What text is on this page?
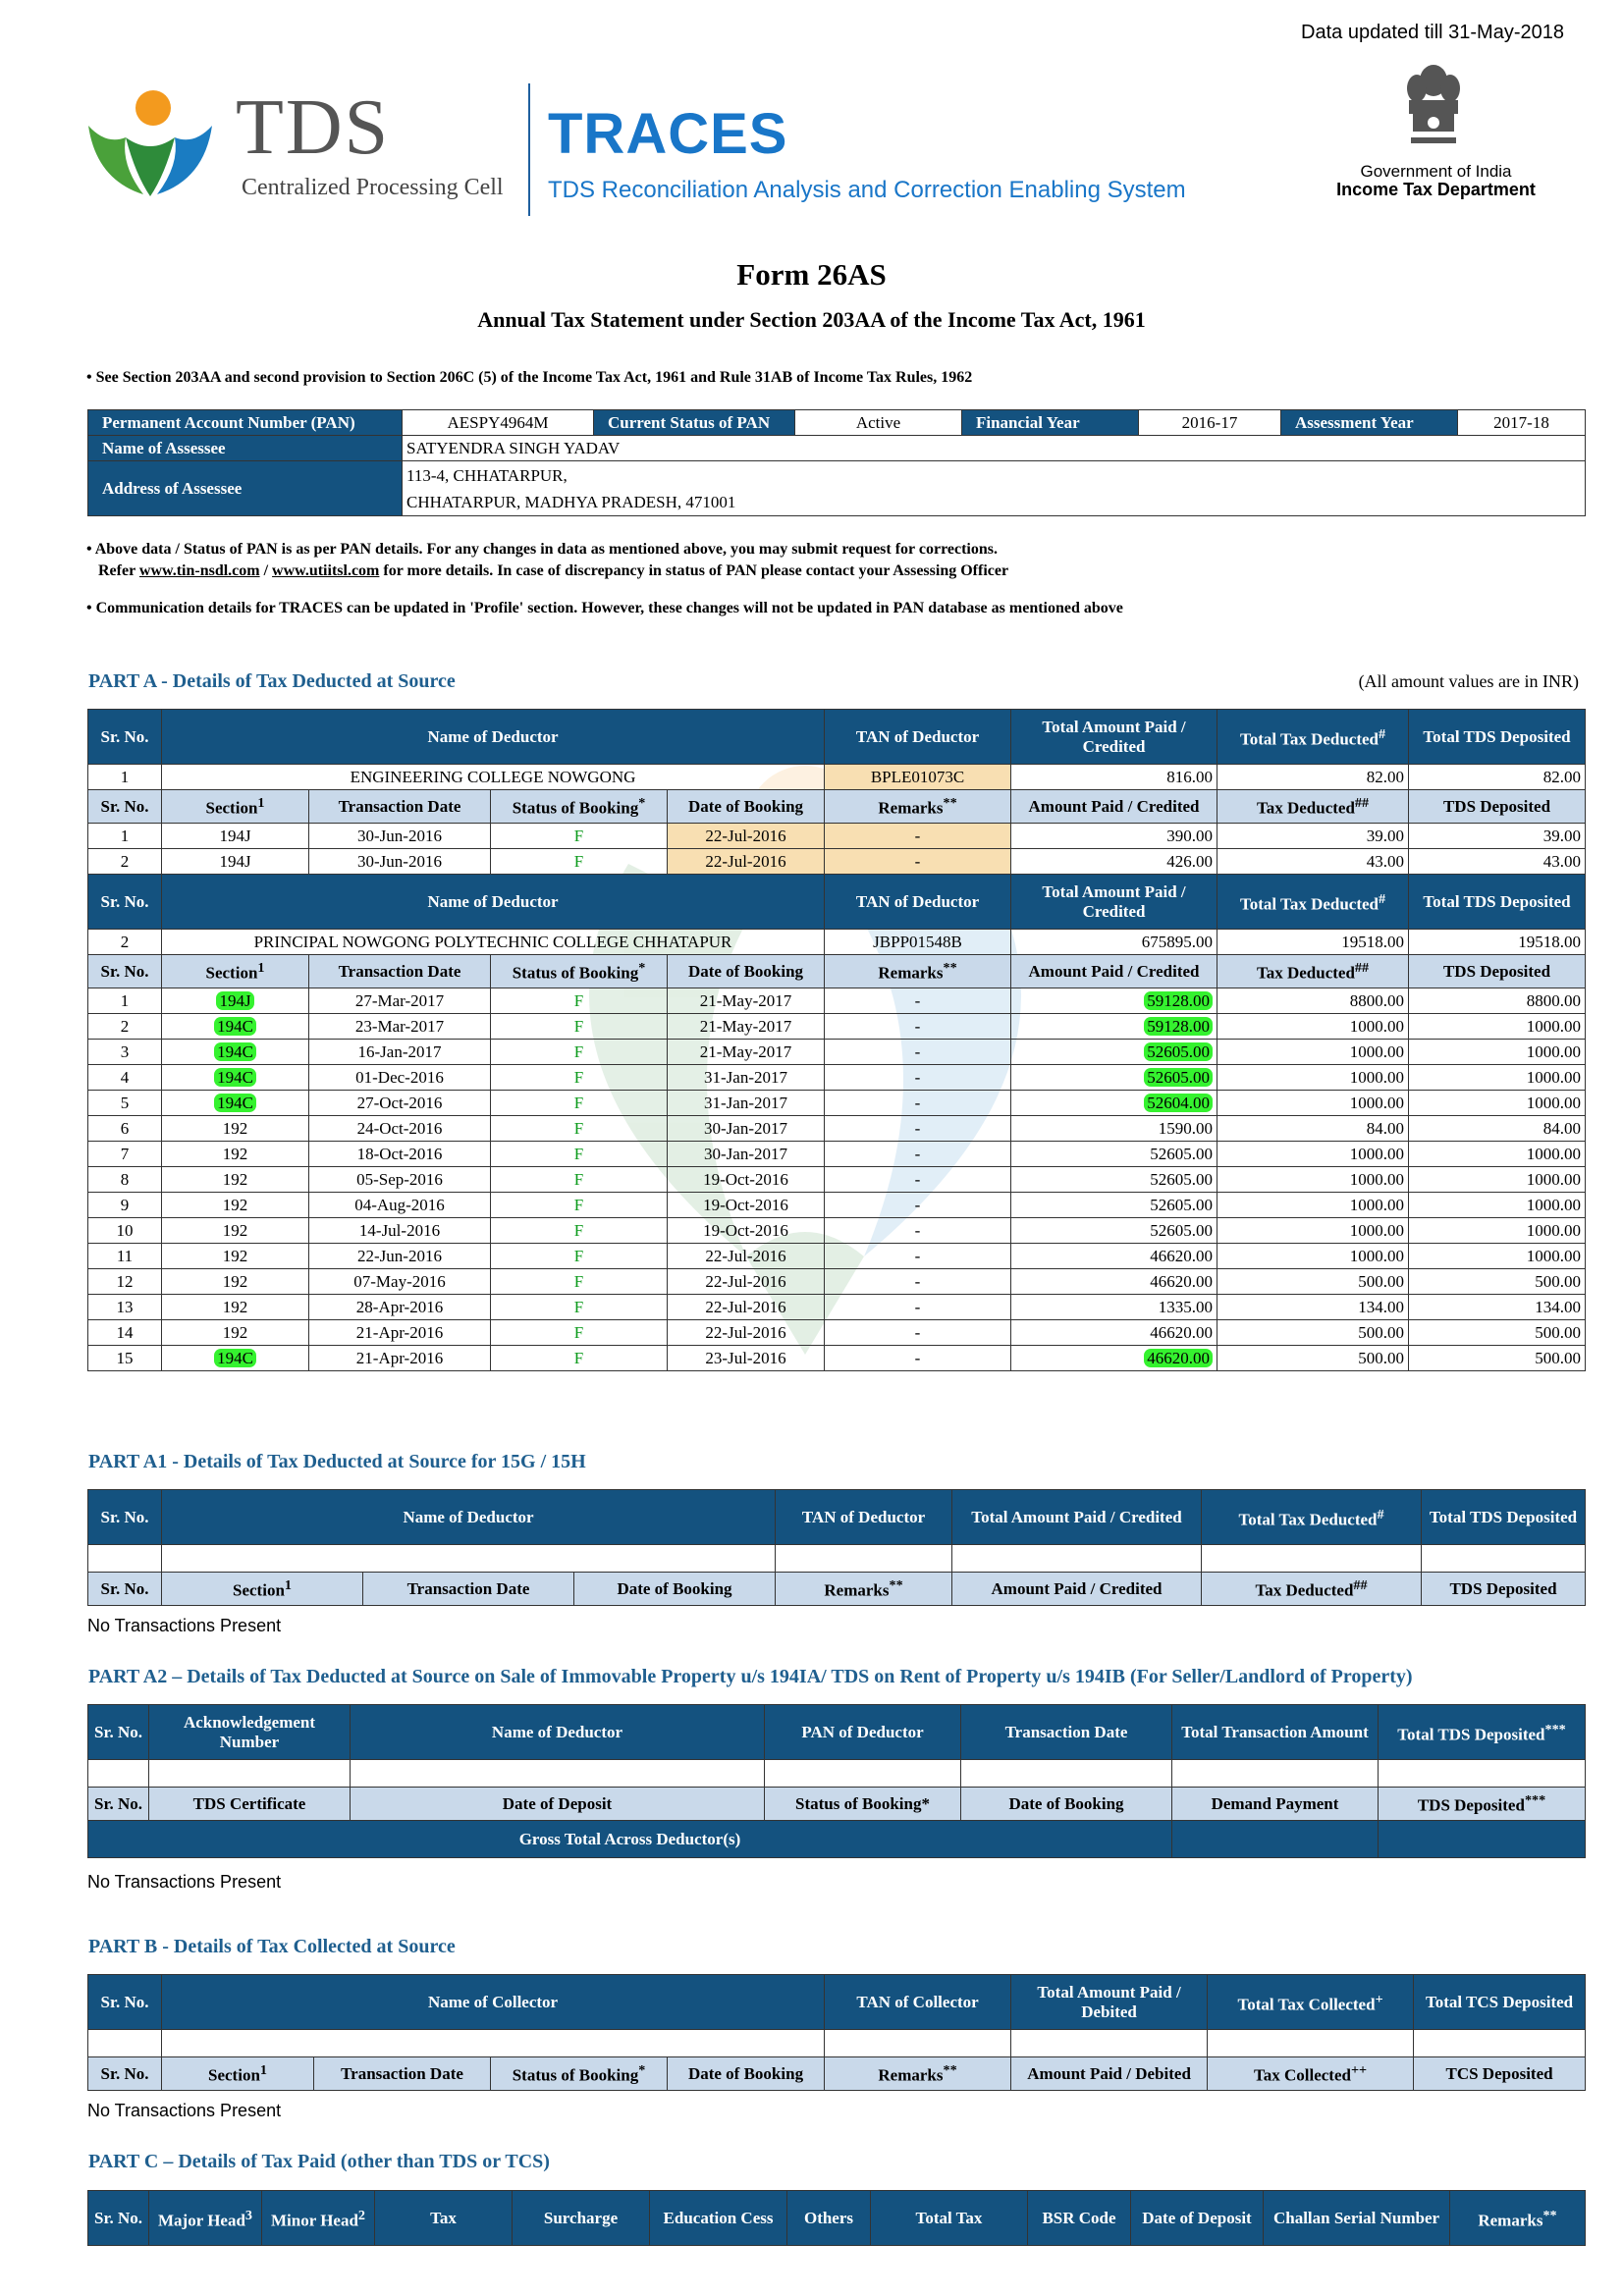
Data updated till 31-May-2018
TDS
Centralized Processing Cell
TRACES
TDS Reconciliation Analysis and Correction Enabling System
Government of India
Income Tax Department
Form 26AS
Annual Tax Statement under Section 203AA of the Income Tax Act, 1961
• See Section 203AA and second provision to Section 206C (5) of the Income Tax Act, 1961 and Rule 31AB of Income Tax Rules, 1962
Permanent Account Number (PAN)	AESPY4964M	Current Status of PAN	Active	Financial Year	2016-17	Assessment Year	2017-18
Name of Assessee	SATYENDRA SINGH YADAV						
Address of Assessee	113-4, CHHATARPUR,
CHHATARPUR, MADHYA PRADESH, 471001						
• Above data / Status of PAN is as per PAN details. For any changes in data as mentioned above, you may submit request for corrections.
Refer www.tin-nsdl.com / www.utiitsl.com for more details. In case of discrepancy in status of PAN please contact your Assessing Officer
• Communication details for TRACES can be updated in 'Profile' section. However, these changes will not be updated in PAN database as mentioned above
PART A - Details of Tax Deducted at Source	(All amount values are in INR)
Sr. No.	Name of Deductor				TAN of Deductor	Total Amount Paid / Credited	Total Tax Deducted#	Total TDS Deposited
1	ENGINEERING COLLEGE NOWGONG				BPLE01073C	816.00	82.00	82.00
Sr. No.	Section$^1$	Transaction Date	Status of Booking*	Date of Booking	Remarks**	Amount Paid / Credited	Tax Deducted##	TDS Deposited
1	194J	30-Jun-2016	F	22-Jul-2016	-	390.00	39.00	39.00
2	194J	30-Jun-2016	F	22-Jul-2016	-	426.00	43.00	43.00
Sr. No.	Name of Deductor				TAN of Deductor	Total Amount Paid / Credited	Total Tax Deducted#	Total TDS Deposited
2	PRINCIPAL NOWGONG POLYTECHNIC COLLEGE CHHATAPUR				JBPP01548B	675895.00	19518.00	19518.00
Sr. No.	Section$^1$	Transaction Date	Status of Booking*	Date of Booking	Remarks**	Amount Paid / Credited	Tax Deducted##	TDS Deposited
1	194J	27-Mar-2017	F	21-May-2017	-	59128.00	8800.00	8800.00
2	194C	23-Mar-2017	F	21-May-2017	-	59128.00	1000.00	1000.00
3	194C	16-Jan-2017	F	21-May-2017	-	52605.00	1000.00	1000.00
4	194C	01-Dec-2016	F	31-Jan-2017	-	52605.00	1000.00	1000.00
5	194C	27-Oct-2016	F	31-Jan-2017	-	52604.00	1000.00	1000.00
6	192	24-Oct-2016	F	30-Jan-2017	-	1590.00	84.00	84.00
7	192	18-Oct-2016	F	30-Jan-2017	-	52605.00	1000.00	1000.00
8	192	05-Sep-2016	F	19-Oct-2016	-	52605.00	1000.00	1000.00
9	192	04-Aug-2016	F	19-Oct-2016	-	52605.00	1000.00	1000.00
10	192	14-Jul-2016	F	19-Oct-2016	-	52605.00	1000.00	1000.00
11	192	22-Jun-2016	F	22-Jul-2016	-	46620.00	1000.00	1000.00
12	192	07-May-2016	F	22-Jul-2016	-	46620.00	500.00	500.00
13	192	28-Apr-2016	F	22-Jul-2016	-	1335.00	134.00	134.00
14	192	21-Apr-2016	F	22-Jul-2016	-	46620.00	500.00	500.00
15	194C	21-Apr-2016	F	23-Jul-2016	-	46620.00	500.00	500.00
PART A1 - Details of Tax Deducted at Source for 15G / 15H
Sr. No.	Name of Deductor			TAN of Deductor	Total Amount Paid / Credited	Total Tax Deducted#	Total TDS Deposited

Sr. No.	Section$^1$	Transaction Date	Date of Booking	Remarks**	Amount Paid / Credited	Tax Deducted##	TDS Deposited
No Transactions Present
PART A2 – Details of Tax Deducted at Source on Sale of Immovable Property u/s 194IA/ TDS on Rent of Property u/s 194IB (For Seller/Landlord of Property)
Sr. No.	Acknowledgement Number	Name of Deductor	PAN of Deductor	Transaction Date	Total Transaction Amount	Total TDS Deposited***

Sr. No.	TDS Certificate	Date of Deposit	Status of Booking*	Date of Booking	Demand Payment	TDS Deposited***
Gross Total Across Deductor(s)						
No Transactions Present
PART B - Details of Tax Collected at Source
Sr. No.	Name of Collector				TAN of Collector	Total Amount Paid / Debited	Total Tax Collected+	Total TCS Deposited

Sr. No.	Section$^1$	Transaction Date	Status of Booking*	Date of Booking	Remarks**	Amount Paid / Debited	Tax Collected++	TCS Deposited
No Transactions Present
PART C – Details of Tax Paid (other than TDS or TCS)
Sr. No.	Major Head$^3$	Minor Head$^2$	Tax	Surcharge	Education Cess	Others	Total Tax	BSR Code	Date of Deposit	Challan Serial Number	Remarks**
